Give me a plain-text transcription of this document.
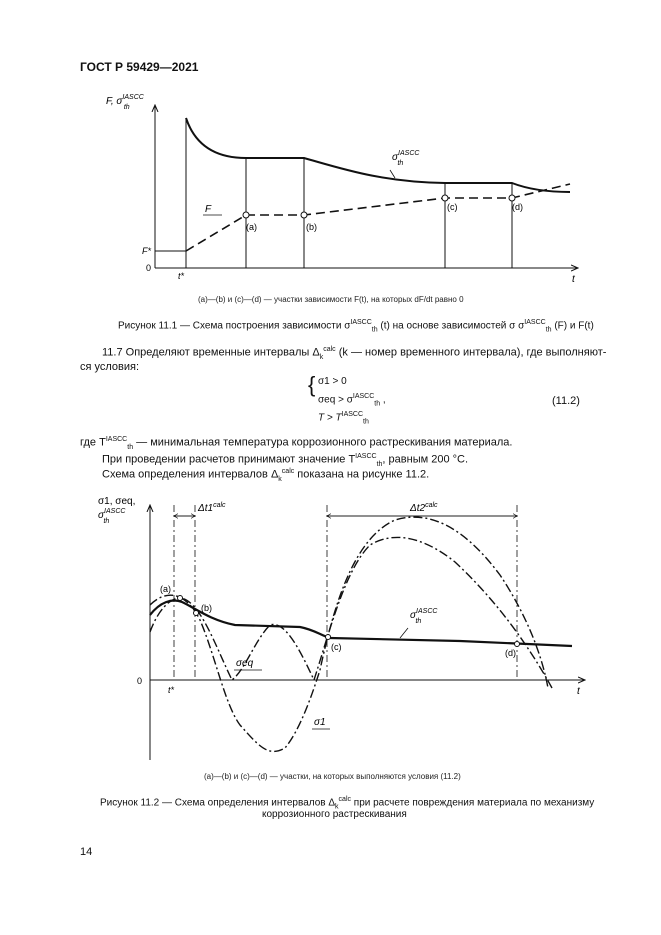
ГОСТ Р 59429—2021
F, $\sigma^{IASCC}$ th
t
0
F*
t*
F
$\sigma^{IASCC}$ th
(a)	(b)
(c)	(d)
(a)—(b) и (c)—(d) — участки зависимости F(t), на которых dF/dt равно 0
Рисунок 11.1 — Схема построения зависимости $\sigma^{IASCC}_{th}$ (t) на основе зависимостей σ $\sigma^{IASCC}_{th}$ (F) и F(t)
11.7 Определяют временные интервалы $\Delta_k^{calc}$ (k — номер временного интервала), где выполняют-
ся условия:
{ σ1 > 0
$\sigma eq > \sigma^{IASCC}_{th}$ ,
$T > T^{IASCC}_{th}$
(11.2)
где $T^{IASCC}_{th}$ — минимальная температура коррозионного растрескивания материала.
При проведении расчетов принимают значение $T^{IASCC}_{th}$, равным 200 °C.
Схема определения интервалов $\Delta_k^{calc}$ показана на рисунке 11.2.
σ1, σeq,
$\sigma^{IASCC}$ th
t
0
t*
$\Delta t1^{calc}$	$\Delta t2^{calc}$
(a)
(b)
(c)
(d)
σeq
σ1
$\sigma^{IASCC}$ th
(a)—(b) и (c)—(d) — участки, на которых выполняются условия (11.2)
Рисунок 11.2 — Схема определения интервалов $\Delta_k^{calc}$ при расчете повреждения материала по механизму
коррозионного растрескивания
14
